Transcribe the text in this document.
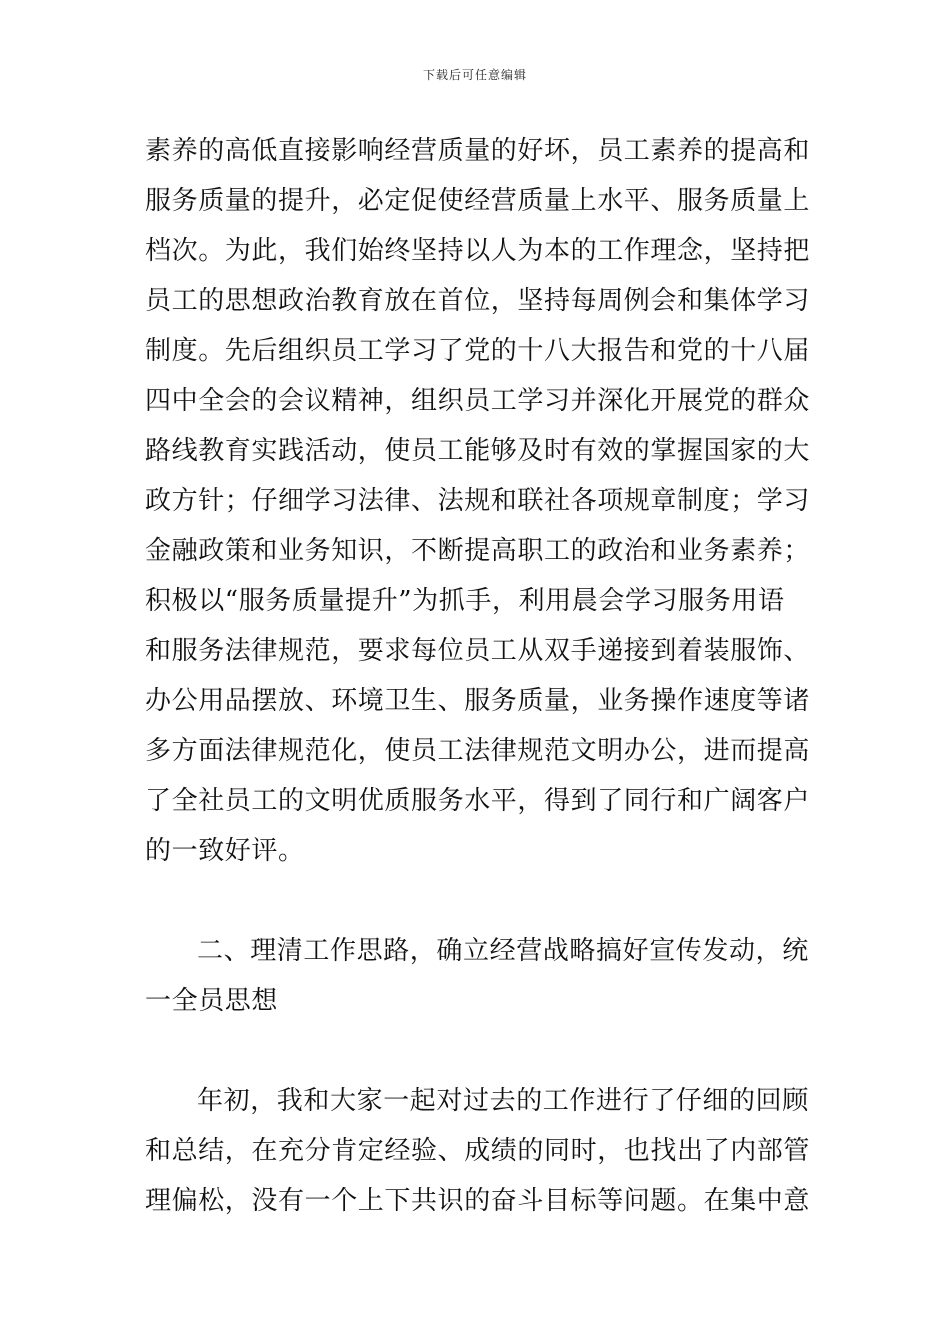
下载后可任意编辑
素养的高低直接影响经营质量的好坏，员工素养的提高和
服务质量的提升，必定促使经营质量上水平、服务质量上
档次。为此，我们始终坚持以人为本的工作理念，坚持把
员工的思想政治教育放在首位，坚持每周例会和集体学习
制度。先后组织员工学习了党的十八大报告和党的十八届
四中全会的会议精神，组织员工学习并深化开展党的群众
路线教育实践活动，使员工能够及时有效的掌握国家的大
政方针；仔细学习法律、法规和联社各项规章制度；学习
金融政策和业务知识，不断提高职工的政治和业务素养；
积极以“服务质量提升”为抓手，利用晨会学习服务用语
和服务法律规范，要求每位员工从双手递接到着装服饰、
办公用品摆放、环境卫生、服务质量，业务操作速度等诸
多方面法律规范化，使员工法律规范文明办公，进而提高
了全社员工的文明优质服务水平，得到了同行和广阔客户
的一致好评。
二、理清工作思路，确立经营战略搞好宣传发动，统
一全员思想
年初，我和大家一起对过去的工作进行了仔细的回顾
和总结，在充分肯定经验、成绩的同时，也找出了内部管
理偏松，没有一个上下共识的奋斗目标等问题。在集中意
